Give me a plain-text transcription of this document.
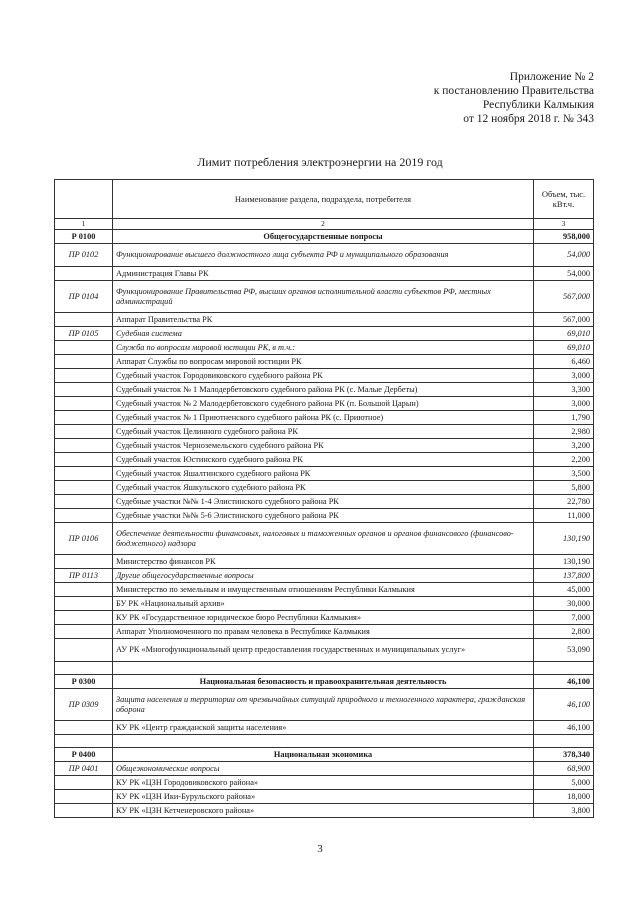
Приложение № 2
к постановлению Правительства
Республики Калмыкия
от 12 ноября 2018 г. № 343
Лимит потребления электроэнергии на 2019 год
	Наименование раздела, подраздела, потребителя	Объем, тыс. кВт.ч.
1	2	3
Р 0100	Общегосударственные вопросы	958,000
ПР 0102	Функционирование высшего должностного лица субъекта РФ и муниципального образования	54,000
	Администрация Главы РК	54,000
ПР 0104	Функционирование Правительства РФ, высших органов исполнительной власти субъектов РФ, местных администраций	567,000
	Аппарат Правительства РК	567,000
ПР 0105	Судебная система	69,010
	Служба по вопросам мировой юстиции РК, в т.ч.:	69,010
	Аппарат Службы по вопросам мировой юстиции РК	6,460
	Судебный участок Городовиковского судебного района РК	3,000
	Судебный участок № 1 Малодербетовского судебного района РК (с. Малые Дербеты)	3,300
	Судебный участок № 2 Малодербетовского судебного района РК (п. Большой Царын)	3,000
	Судебный участок № 1 Приютненского судебного района РК (с. Приютное)	1,790
	Судебный участок Целинного судебного района РК	2,980
	Судебный участок Черноземельского судебного района РК	3,200
	Судебный участок Юстинского судебного района РК	2,200
	Судебный участок Яшалтинского судебного района РК	3,500
	Судебный участок Яшкульского судебного района РК	5,800
	Судебные участки №№ 1-4 Элистинского судебного района РК	22,780
	Судебные участки №№ 5-6 Элистинского судебного района РК	11,000
ПР 0106	Обеспечение деятельности финансовых, налоговых и таможенных органов и органов финансового (финансово-бюджетного) надзора	130,190
	Министерство финансов РК	130,190
ПР 0113	Другие общегосударственные вопросы	137,800
	Министерство по земельным и имущественным отношениям Республики Калмыкия	45,000
	БУ РК «Национальный архив»	30,000
	КУ РК «Государственное юридическое бюро Республики Калмыкия»	7,000
	Аппарат Уполномоченного по правам человека в Республике Калмыкия	2,800
	АУ РК «Многофункциональный центр предоставления государственных и муниципальных услуг»	53,090

Р 0300	Национальная безопасность и правоохранительная деятельность	46,100
ПР 0309	Защита населения и территории от чрезвычайных ситуаций природного и техногенного характера, гражданская оборона	46,100
	КУ РК «Центр гражданской защиты населения»	46,100

Р 0400	Национальная экономика	378,340
ПР 0401	Общеэкономические вопросы	68,900
	КУ РК «ЦЗН Городовиковского района»	5,000
	КУ РК «ЦЗН Ики-Бурульского района»	18,000
	КУ РК «ЦЗН Кетченеровского района»	3,800
3
